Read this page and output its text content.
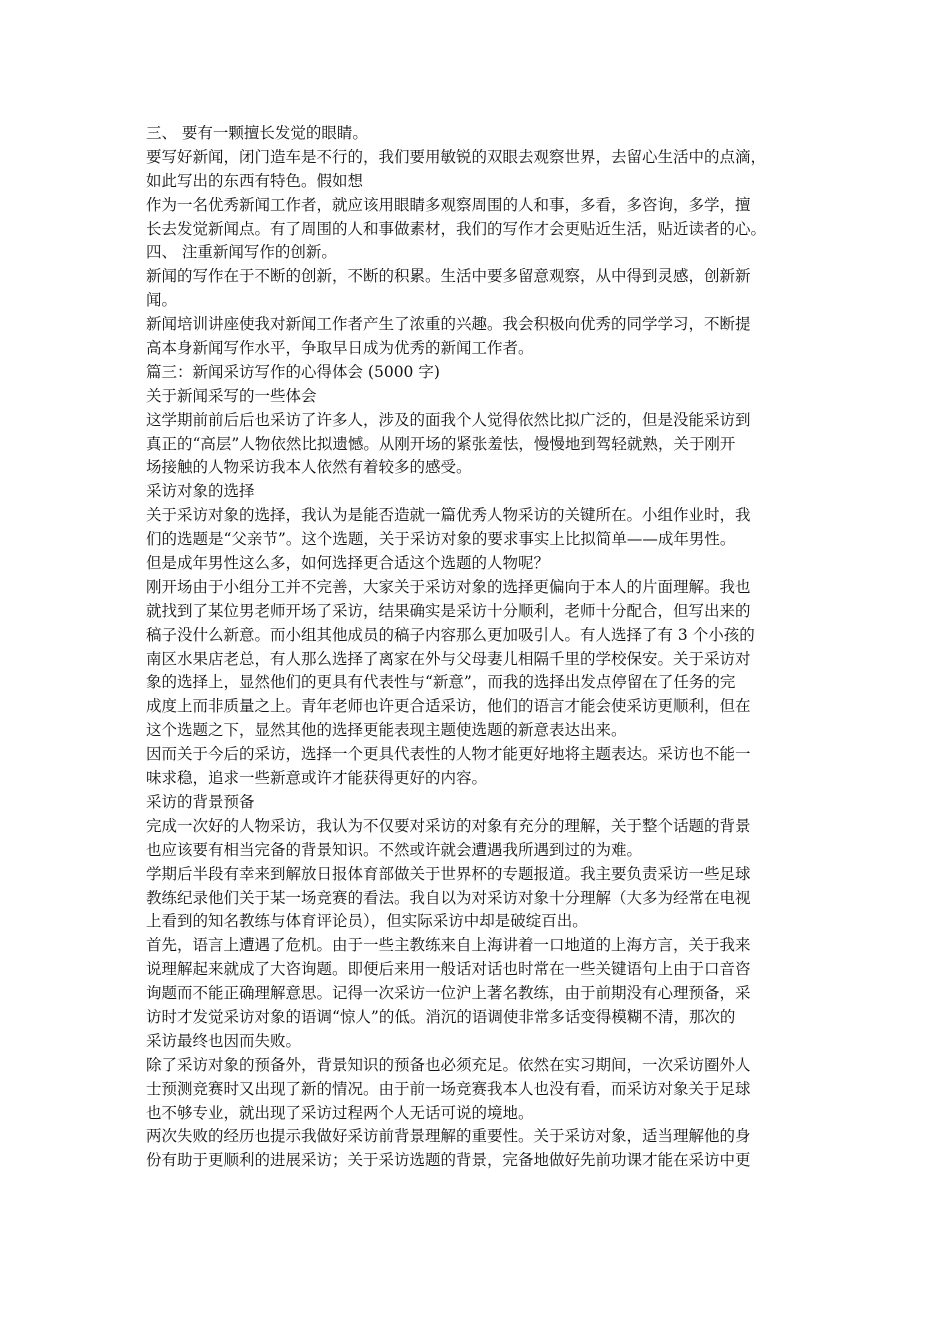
三、 要有一颗擅长发觉的眼睛。
要写好新闻，闭门造车是不行的，我们要用敏锐的双眼去观察世界，去留心生活中的点滴，
如此写出的东西有特色。假如想
作为一名优秀新闻工作者，就应该用眼睛多观察周围的人和事，多看，多咨询，多学，擅
长去发觉新闻点。有了周围的人和事做素材，我们的写作才会更贴近生活，贴近读者的心。
四、 注重新闻写作的创新。
新闻的写作在于不断的创新，不断的积累。生活中要多留意观察，从中得到灵感，创新新
闻。
新闻培训讲座使我对新闻工作者产生了浓重的兴趣。我会积极向优秀的同学学习，不断提
高本身新闻写作水平，争取早日成为优秀的新闻工作者。
篇三：新闻采访写作的心得体会 (5000 字)
关于新闻采写的一些体会
这学期前前后后也采访了许多人，涉及的面我个人觉得依然比拟广泛的，但是没能采访到
真正的“高层”人物依然比拟遗憾。从刚开场的紧张羞怯，慢慢地到驾轻就熟，关于刚开
场接触的人物采访我本人依然有着较多的感受。
采访对象的选择
关于采访对象的选择，我认为是能否造就一篇优秀人物采访的关键所在。小组作业时，我
们的选题是“父亲节”。这个选题，关于采访对象的要求事实上比拟简单——成年男性。
但是成年男性这么多，如何选择更合适这个选题的人物呢？
刚开场由于小组分工并不完善，大家关于采访对象的选择更偏向于本人的片面理解。我也
就找到了某位男老师开场了采访，结果确实是采访十分顺利，老师十分配合，但写出来的
稿子没什么新意。而小组其他成员的稿子内容那么更加吸引人。有人选择了有 3 个小孩的
南区水果店老总，有人那么选择了离家在外与父母妻儿相隔千里的学校保安。关于采访对
象的选择上，显然他们的更具有代表性与“新意”，而我的选择出发点停留在了任务的完
成度上而非质量之上。青年老师也许更合适采访，他们的语言才能会使采访更顺利，但在
这个选题之下，显然其他的选择更能表现主题使选题的新意表达出来。
因而关于今后的采访，选择一个更具代表性的人物才能更好地将主题表达。采访也不能一
味求稳，追求一些新意或许才能获得更好的内容。
采访的背景预备
完成一次好的人物采访，我认为不仅要对采访的对象有充分的理解，关于整个话题的背景
也应该要有相当完备的背景知识。不然或许就会遭遇我所遇到过的为难。
学期后半段有幸来到解放日报体育部做关于世界杯的专题报道。我主要负责采访一些足球
教练纪录他们关于某一场竞赛的看法。我自以为对采访对象十分理解（大多为经常在电视
上看到的知名教练与体育评论员），但实际采访中却是破绽百出。
首先，语言上遭遇了危机。由于一些主教练来自上海讲着一口地道的上海方言，关于我来
说理解起来就成了大咨询题。即便后来用一般话对话也时常在一些关键语句上由于口音咨
询题而不能正确理解意思。记得一次采访一位沪上著名教练，由于前期没有心理预备，采
访时才发觉采访对象的语调“惊人”的低。消沉的语调使非常多话变得模糊不清，那次的
采访最终也因而失败。
除了采访对象的预备外，背景知识的预备也必须充足。依然在实习期间，一次采访圈外人
士预测竞赛时又出现了新的情况。由于前一场竞赛我本人也没有看，而采访对象关于足球
也不够专业，就出现了采访过程两个人无话可说的境地。
两次失败的经历也提示我做好采访前背景理解的重要性。关于采访对象，适当理解他的身
份有助于更顺利的进展采访；关于采访选题的背景，完备地做好先前功课才能在采访中更
